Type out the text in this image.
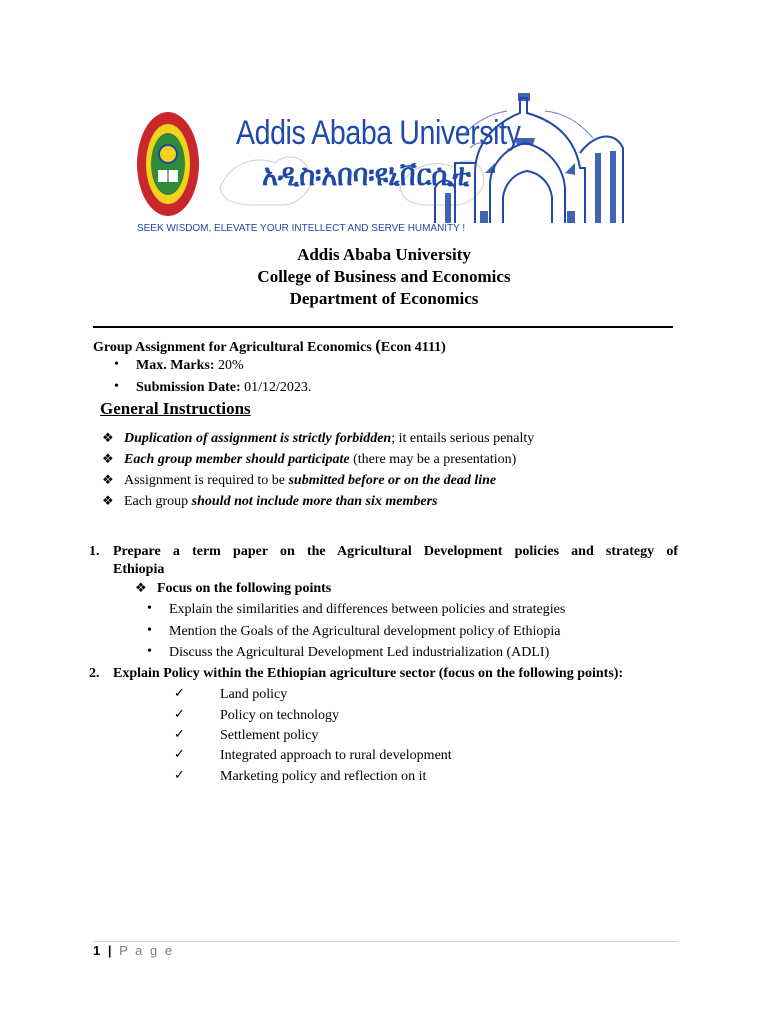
Addis Ababa University
አዲስ፡አበባ፡ዩኒቨርሲቲ
SEEK WISDOM, ELEVATE YOUR INTELLECT AND SERVE HUMANITY !
Addis Ababa University
College of Business and Economics
Department of Economics
Group Assignment for Agricultural Economics (Econ 4111)
• Max. Marks: 20%
• Submission Date: 01/12/2023.
General Instructions
❖ Duplication of assignment is strictly forbidden; it entails serious penalty
❖ Each group member should participate (there may be a presentation)
❖ Assignment is required to be submitted before or on the dead line
❖ Each group should not include more than six members
1. Prepare a term paper on the Agricultural Development policies and strategy of
Ethiopia
❖ Focus on the following points
• Explain the similarities and differences between policies and strategies
• Mention the Goals of the Agricultural development policy of Ethiopia
• Discuss the Agricultural Development Led industrialization (ADLI)
2. Explain Policy within the Ethiopian agriculture sector (focus on the following points):
✓	Land policy
✓	Policy on technology
✓	Settlement policy
✓	Integrated approach to rural development
✓	Marketing policy and reflection on it
1 | P a g e
